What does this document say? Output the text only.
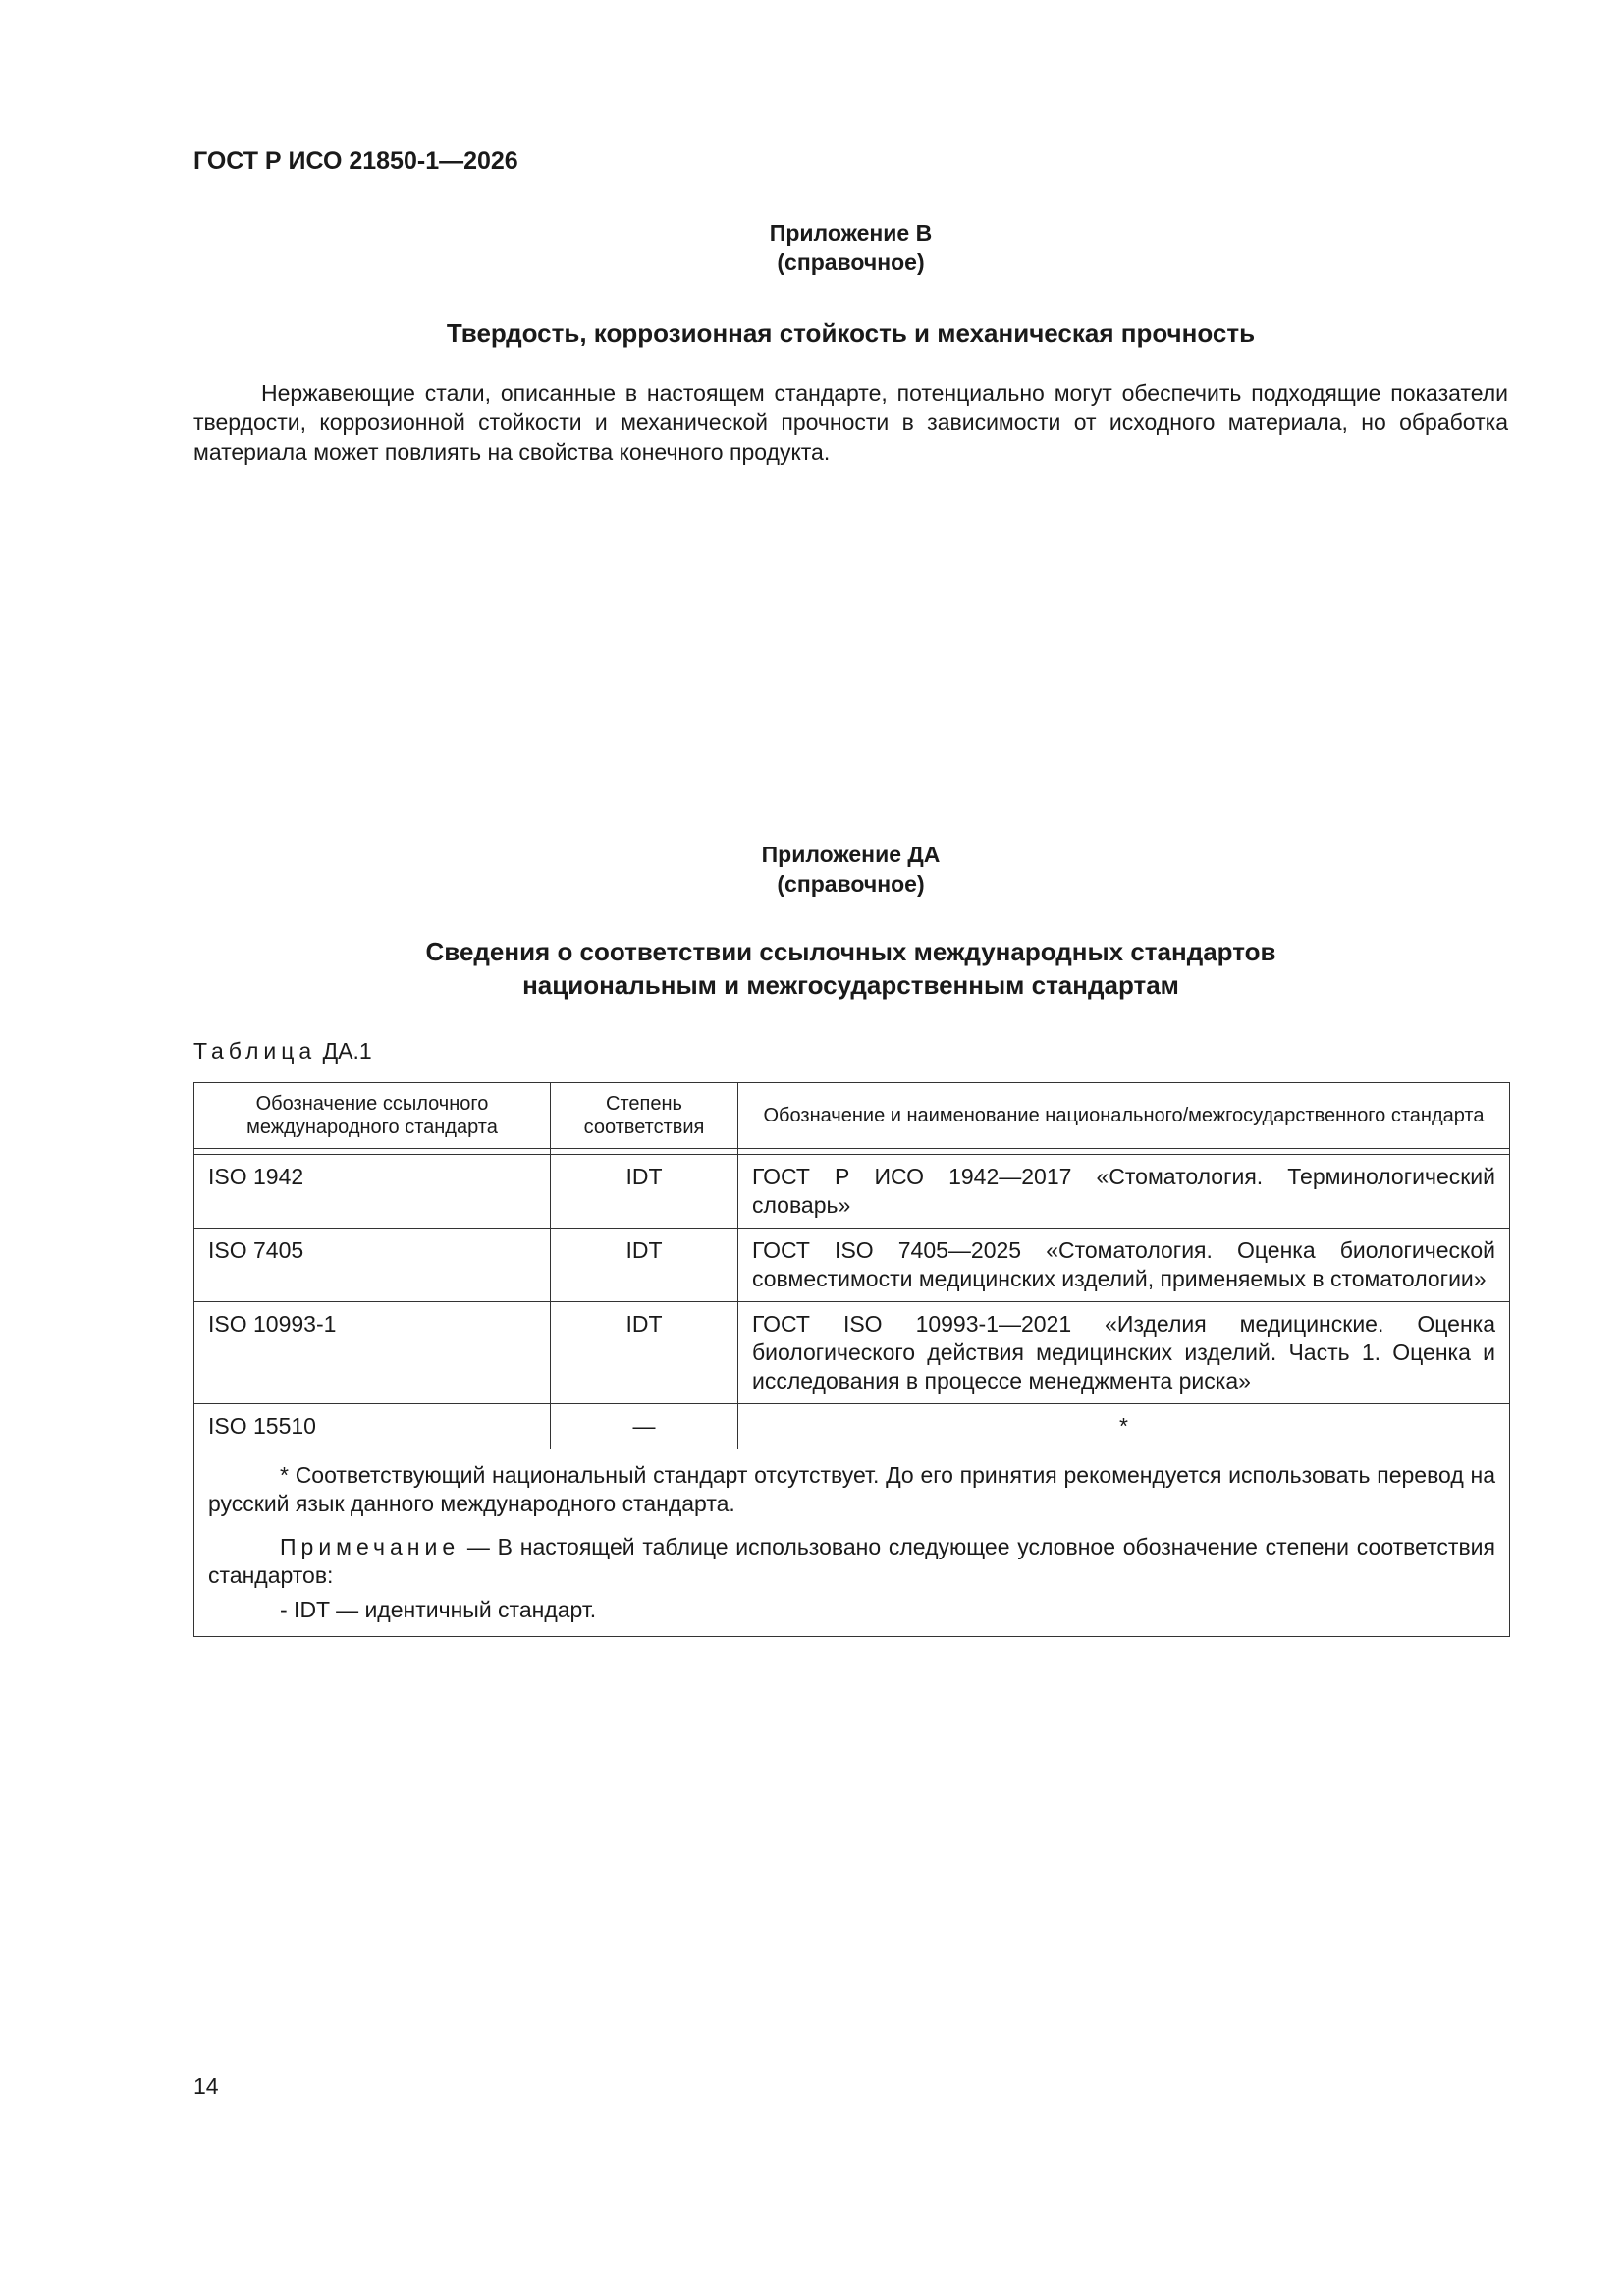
ГОСТ Р ИСО 21850-1—2026
Приложение В
(справочное)
Твердость, коррозионная стойкость и механическая прочность
Нержавеющие стали, описанные в настоящем стандарте, потенциально могут обеспечить подходящие показатели твердости, коррозионной стойкости и механической прочности в зависимости от исходного материала, но обработка материала может повлиять на свойства конечного продукта.
Приложение ДА
(справочное)
Сведения о соответствии ссылочных международных стандартов
национальным и межгосударственным стандартам
Таблица ДА.1
Обозначение ссылочного международного стандарта	Степень соответствия	Обозначение и наименование национального/межгосударственного стандарта

ISO 1942	IDT	ГОСТ Р ИСО 1942—2017 «Стоматология. Терминологический словарь»
ISO 7405	IDT	ГОСТ ISO 7405—2025 «Стоматология. Оценка биологической совместимости медицинских изделий, применяемых в стоматологии»
ISO 10993-1	IDT	ГОСТ ISO 10993-1—2021 «Изделия медицинские. Оценка биологического действия медицинских изделий. Часть 1. Оценка и исследования в процессе менеджмента риска»
ISO 15510	—	*

* Соответствующий национальный стандарт отсутствует. До его принятия рекомендуется использовать перевод на русский язык данного международного стандарта.

Примечание — В настоящей таблице использовано следующее условное обозначение степени соответствия стандартов:

- IDT — идентичный стандарт.		
14
